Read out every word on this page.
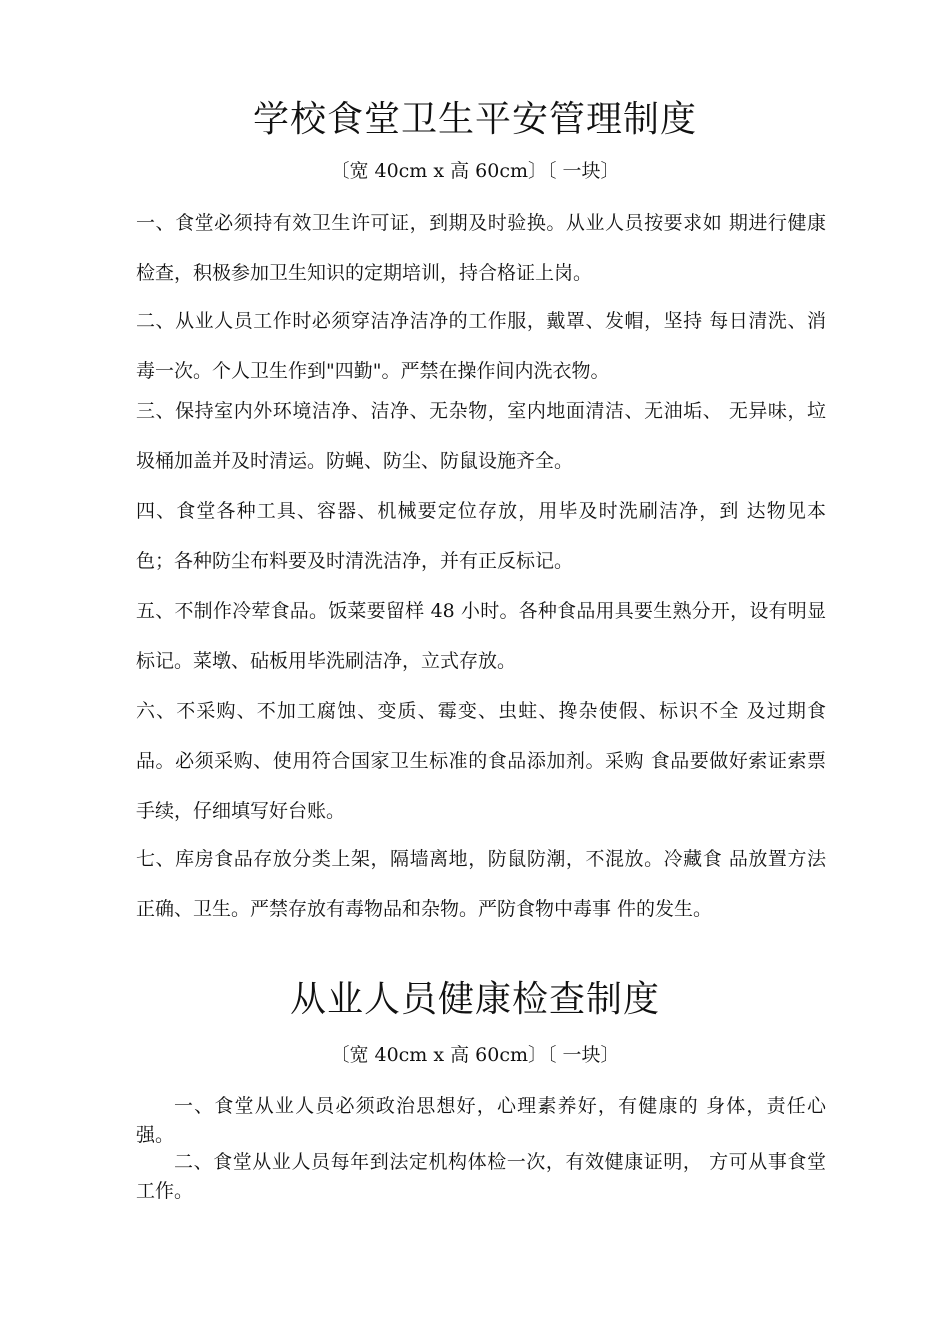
学校食堂卫生平安管理制度

〔宽 40cm x 高 60cm〕〔 一块〕

一、食堂必须持有效卫生许可证，到期及时验换。从业人员按要求如 期进行健康检查，积极参加卫生知识的定期培训，持合格证上岗。

二、从业人员工作时必须穿洁净洁净的工作服，戴罩、发帽，坚持 每日清洗、消毒一次。个人卫生作到"四勤"。严禁在操作间内洗衣物。

三、保持室内外环境洁净、洁净、无杂物，室内地面清洁、无油垢、 无异味，垃圾桶加盖并及时清运。防蝇、防尘、防鼠设施齐全。

四、食堂各种工具、容器、机械要定位存放，用毕及时洗刷洁净，到 达物见本色；各种防尘布料要及时清洗洁净，并有正反标记。

五、不制作冷荤食品。饭菜要留样 48 小时。各种食品用具要生熟分开，设有明显标记。菜墩、砧板用毕洗刷洁净，立式存放。

六、不采购、不加工腐蚀、变质、霉变、虫蛀、搀杂使假、标识不全 及过期食品。必须采购、使用符合国家卫生标准的食品添加剂。采购 食品要做好索证索票手续，仔细填写好台账。

七、库房食品存放分类上架，隔墙离地，防鼠防潮，不混放。冷藏食 品放置方法正确、卫生。严禁存放有毒物品和杂物。严防食物中毒事 件的发生。

从业人员健康检查制度

〔宽 40cm x 高 60cm〕〔 一块〕

一、食堂从业人员必须政治思想好，心理素养好，有健康的 身体，责任心强。

二、食堂从业人员每年到法定机构体检一次，有效健康证明， 方可从事食堂工作。
